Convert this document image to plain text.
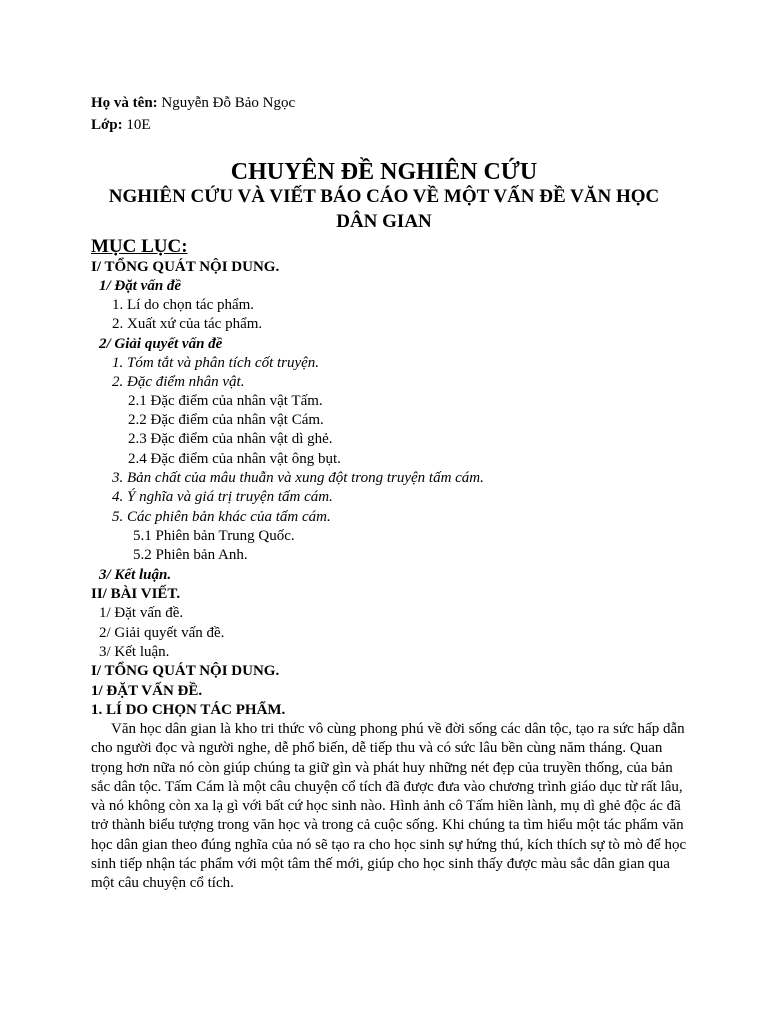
Họ và tên: Nguyễn Đỗ Bảo Ngọc
Lớp: 10E
CHUYÊN ĐỀ NGHIÊN CỨU
NGHIÊN CỨU VÀ VIẾT BÁO CÁO VỀ MỘT VẤN ĐỀ VĂN HỌC
DÂN GIAN
MỤC LỤC:
I/ TỔNG QUÁT NỘI DUNG.
1/ Đặt vấn đề
1. Lí do chọn tác phẩm.
2. Xuất xứ của tác phẩm.
2/ Giải quyết vấn đề
1. Tóm tắt và phân tích cốt truyện.
2. Đặc điểm nhân vật.
2.1 Đặc điểm của nhân vật Tấm.
2.2 Đặc điểm của nhân vật Cám.
2.3 Đặc điểm của nhân vật dì ghẻ.
2.4 Đặc điểm của nhân vật ông bụt.
3. Bản chất của mâu thuẫn và xung đột trong truyện tấm cám.
4. Ý nghĩa và giá trị truyện tấm cám.
5. Các phiên bản khác của tấm cám.
5.1 Phiên bản Trung Quốc.
5.2 Phiên bản Anh.
3/ Kết luận.
II/ BÀI VIẾT.
1/ Đặt vấn đề.
2/ Giải quyết vấn đề.
3/ Kết luận.
I/ TỔNG QUÁT NỘI DUNG.
1/ ĐẶT VẤN ĐỀ.
1. LÍ DO CHỌN TÁC PHẨM.
Văn học dân gian là kho tri thức vô cùng phong phú về đời sống các dân tộc, tạo ra sức hấp dẫn cho người đọc và người nghe, dễ phổ biến, dễ tiếp thu và có sức lâu bền cùng năm tháng. Quan trọng hơn nữa nó còn giúp chúng ta giữ gìn và phát huy những nét đẹp của truyền thống, của bản sắc dân tộc. Tấm Cám là một câu chuyện cổ tích đã được đưa vào chương trình giáo dục từ rất lâu, và nó không còn xa lạ gì với bất cứ học sinh nào. Hình ảnh cô Tấm hiền lành, mụ dì ghẻ độc ác đã trở thành biểu tượng trong văn học và trong cả cuộc sống. Khi chúng ta tìm hiểu một tác phẩm văn học dân gian theo đúng nghĩa của nó sẽ tạo ra cho học sinh sự hứng thú, kích thích sự tò mò để học sinh tiếp nhận tác phẩm với một tâm thế mới, giúp cho học sinh thấy được màu sắc dân gian qua một câu chuyện cổ tích.
